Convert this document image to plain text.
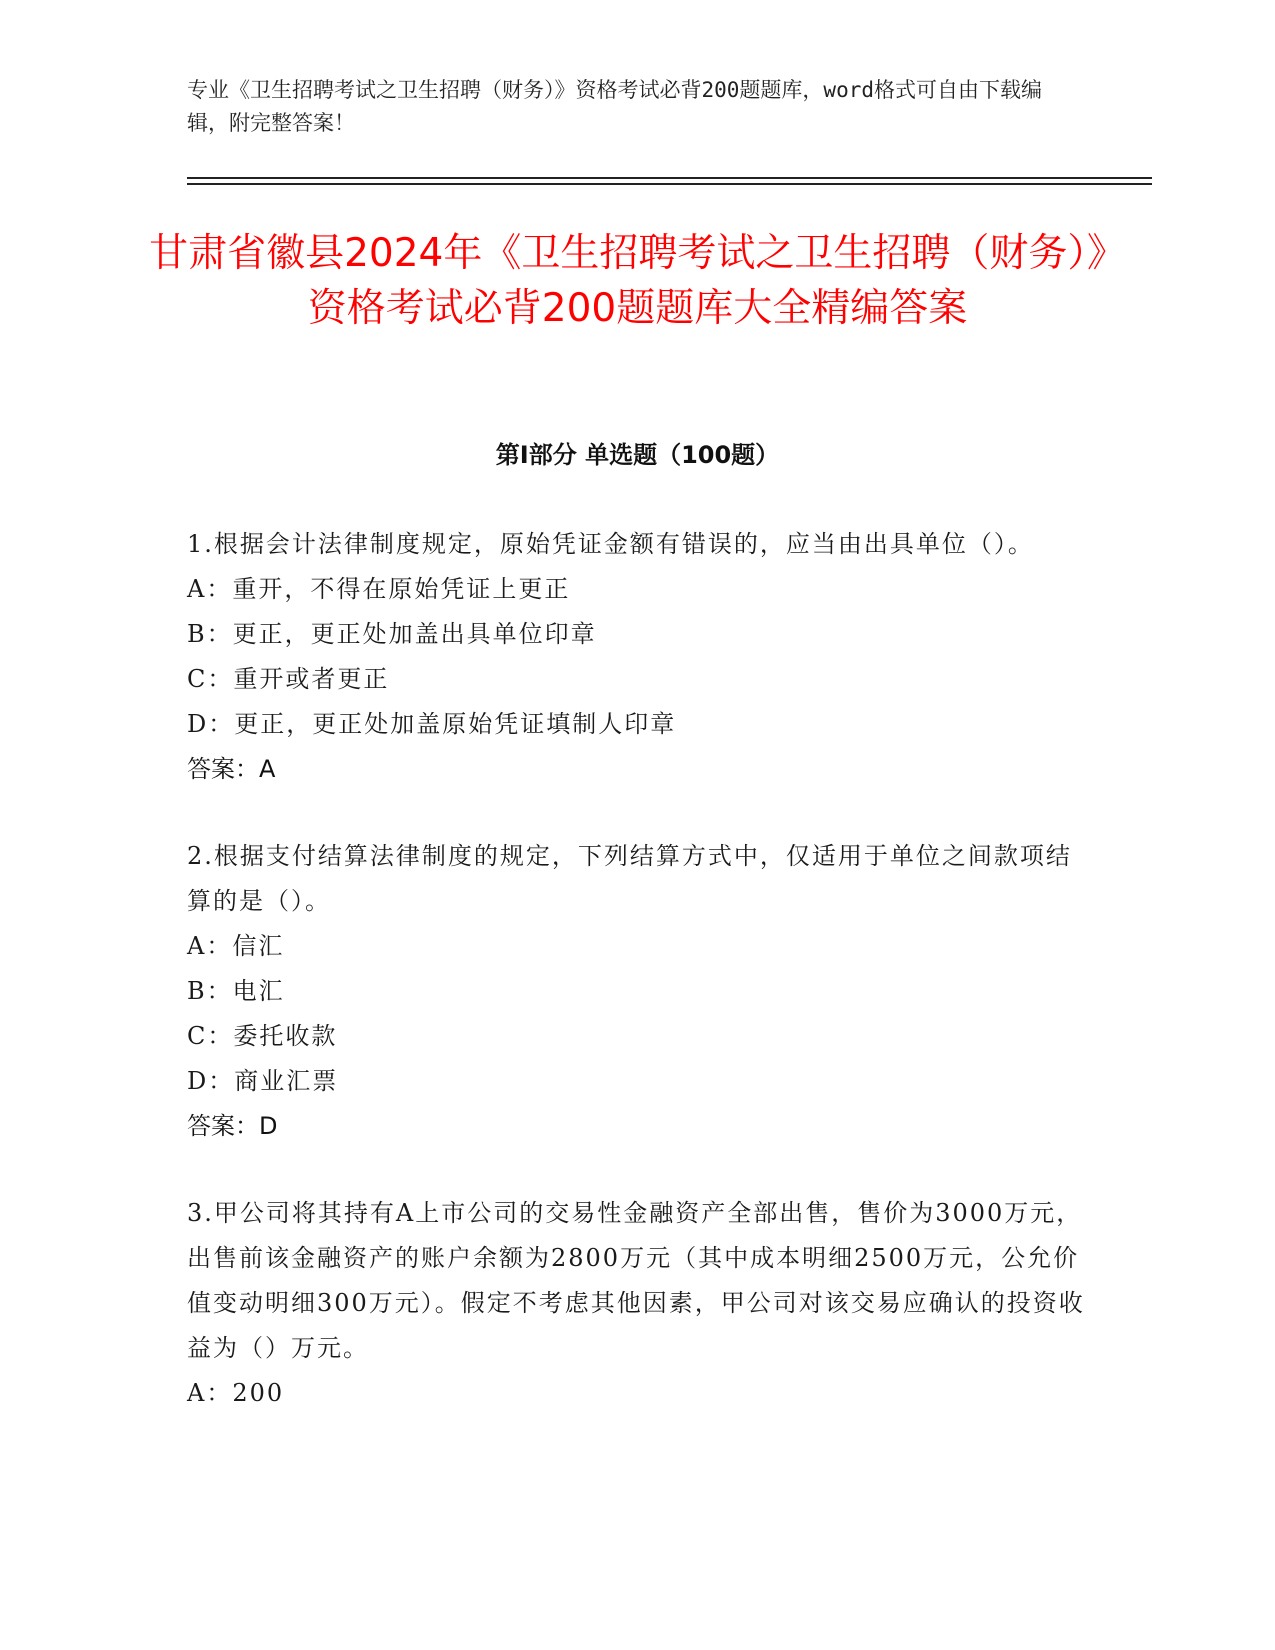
专业《卫生招聘考试之卫生招聘（财务）》资格考试必背200题题库，word格式可自由下载编辑，附完整答案！
甘肃省徽县2024年《卫生招聘考试之卫生招聘（财务）》资格考试必背200题题库大全精编答案
第I部分 单选题（100题）
1.根据会计法律制度规定，原始凭证金额有错误的，应当由出具单位（）。
A：重开，不得在原始凭证上更正
B：更正，更正处加盖出具单位印章
C：重开或者更正
D：更正，更正处加盖原始凭证填制人印章
答案：A
2.根据支付结算法律制度的规定，下列结算方式中，仅适用于单位之间款项结算的是（）。
A：信汇
B：电汇
C：委托收款
D：商业汇票
答案：D
3.甲公司将其持有A上市公司的交易性金融资产全部出售，售价为3000万元，出售前该金融资产的账户余额为2800万元（其中成本明细2500万元，公允价值变动明细300万元）。假定不考虑其他因素，甲公司对该交易应确认的投资收益为（）万元。
A：200
